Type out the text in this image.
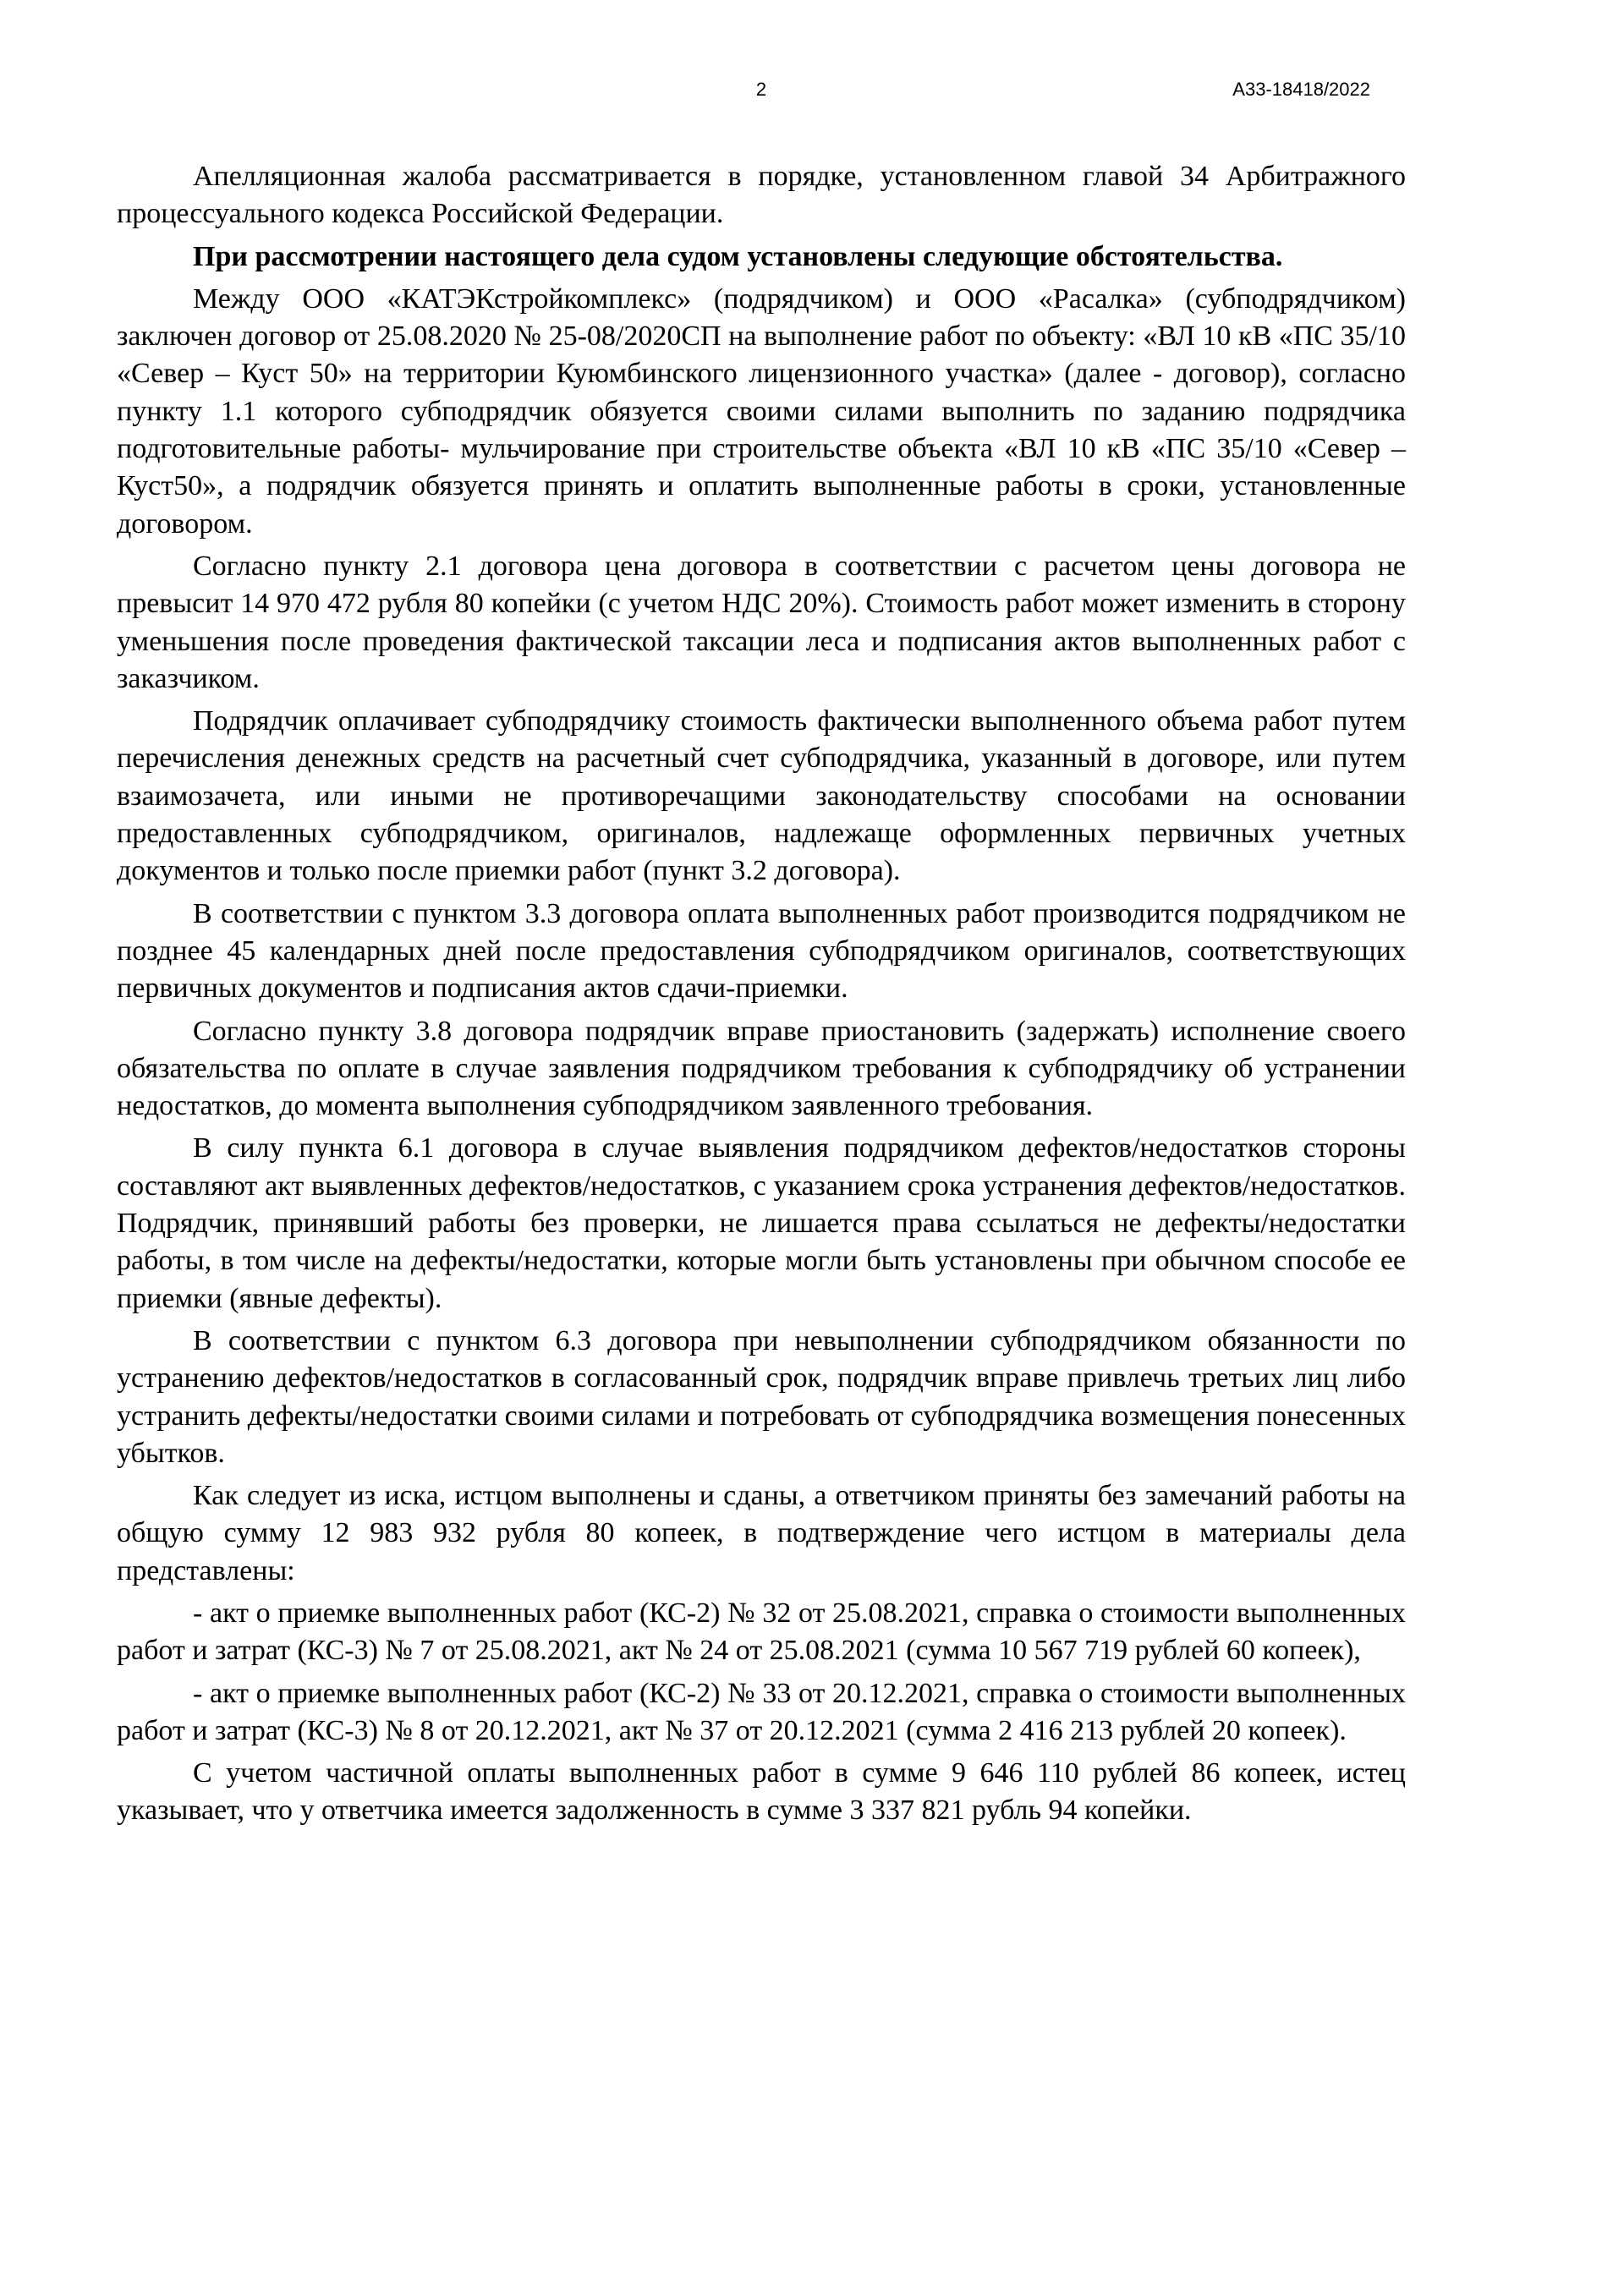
2	А33-18418/2022

Апелляционная жалоба рассматривается в порядке, установленном главой 34 Арбитражного процессуального кодекса Российской Федерации.

При рассмотрении настоящего дела судом установлены следующие обстоятельства.

Между ООО «КАТЭКстройкомплекс» (подрядчиком) и ООО «Расалка» (субподрядчиком) заключен договор от 25.08.2020 № 25-08/2020СП на выполнение работ по объекту: «ВЛ 10 кВ «ПС 35/10 «Север – Куст 50» на территории Куюмбинского лицензионного участка» (далее - договор), согласно пункту 1.1 которого субподрядчик обязуется своими силами выполнить по заданию подрядчика подготовительные работы- мульчирование при строительстве объекта «ВЛ 10 кВ «ПС 35/10 «Север – Куст50», а подрядчик обязуется принять и оплатить выполненные работы в сроки, установленные договором.

Согласно пункту 2.1 договора цена договора в соответствии с расчетом цены договора не превысит 14 970 472 рубля 80 копейки (с учетом НДС 20%). Стоимость работ может изменить в сторону уменьшения после проведения фактической таксации леса и подписания актов выполненных работ с заказчиком.

Подрядчик оплачивает субподрядчику стоимость фактически выполненного объема работ путем перечисления денежных средств на расчетный счет субподрядчика, указанный в договоре, или путем взаимозачета, или иными не противоречащими законодательству способами на основании предоставленных субподрядчиком, оригиналов, надлежаще оформленных первичных учетных документов и только после приемки работ (пункт 3.2 договора).

В соответствии с пунктом 3.3 договора оплата выполненных работ производится подрядчиком не позднее 45 календарных дней после предоставления субподрядчиком оригиналов, соответствующих первичных документов и подписания актов сдачи-приемки.

Согласно пункту 3.8 договора подрядчик вправе приостановить (задержать) исполнение своего обязательства по оплате в случае заявления подрядчиком требования к субподрядчику об устранении недостатков, до момента выполнения субподрядчиком заявленного требования.

В силу пункта 6.1 договора в случае выявления подрядчиком дефектов/недостатков стороны составляют акт выявленных дефектов/недостатков, с указанием срока устранения дефектов/недостатков. Подрядчик, принявший работы без проверки, не лишается права ссылаться не дефекты/недостатки работы, в том числе на дефекты/недостатки, которые могли быть установлены при обычном способе ее приемки (явные дефекты).

В соответствии с пунктом 6.3 договора при невыполнении субподрядчиком обязанности по устранению дефектов/недостатков в согласованный срок, подрядчик вправе привлечь третьих лиц либо устранить дефекты/недостатки своими силами и потребовать от субподрядчика возмещения понесенных убытков.

Как следует из иска, истцом выполнены и сданы, а ответчиком приняты без замечаний работы на общую сумму 12 983 932 рубля 80 копеек, в подтверждение чего истцом в материалы дела представлены:

- акт о приемке выполненных работ (КС-2) № 32 от 25.08.2021, справка о стоимости выполненных работ и затрат (КС-3) № 7 от 25.08.2021, акт № 24 от 25.08.2021 (сумма 10 567 719 рублей 60 копеек),

- акт о приемке выполненных работ (КС-2) № 33 от 20.12.2021, справка о стоимости выполненных работ и затрат (КС-3) № 8 от 20.12.2021, акт № 37 от 20.12.2021 (сумма 2 416 213 рублей 20 копеек).

С учетом частичной оплаты выполненных работ в сумме 9 646 110 рублей 86 копеек, истец указывает, что у ответчика имеется задолженность в сумме 3 337 821 рубль 94 копейки.
